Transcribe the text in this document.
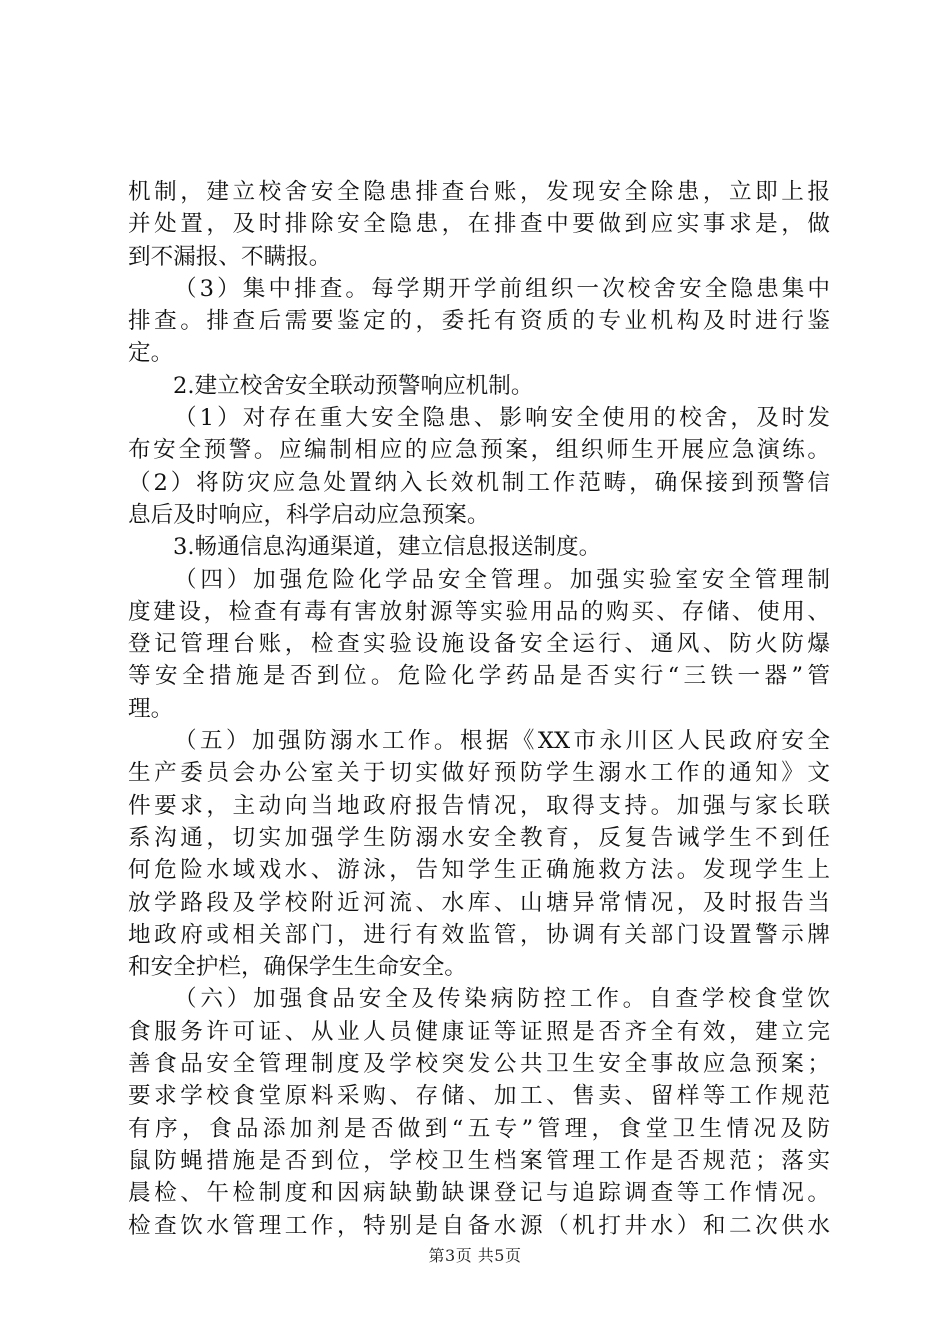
机制，建立校舍安全隐患排查台账，发现安全除患，立即上报
并处置，及时排除安全隐患，在排查中要做到应实事求是，做
到不漏报、不瞒报。
（3）集中排查。每学期开学前组织一次校舍安全隐患集中
排查。排查后需要鉴定的，委托有资质的专业机构及时进行鉴
定。
2.建立校舍安全联动预警响应机制。
（1）对存在重大安全隐患、影响安全使用的校舍，及时发
布安全预警。应编制相应的应急预案，组织师生开展应急演练。
（2）将防灾应急处置纳入长效机制工作范畴，确保接到预警信
息后及时响应，科学启动应急预案。
3.畅通信息沟通渠道，建立信息报送制度。
（四）加强危险化学品安全管理。加强实验室安全管理制
度建设，检查有毒有害放射源等实验用品的购买、存储、使用、
登记管理台账，检查实验设施设备安全运行、通风、防火防爆
等安全措施是否到位。危险化学药品是否实行“三铁一器”管
理。
（五）加强防溺水工作。根据《XX市永川区人民政府安全
生产委员会办公室关于切实做好预防学生溺水工作的通知》文
件要求，主动向当地政府报告情况，取得支持。加强与家长联
系沟通，切实加强学生防溺水安全教育，反复告诫学生不到任
何危险水域戏水、游泳，告知学生正确施救方法。发现学生上
放学路段及学校附近河流、水库、山塘异常情况，及时报告当
地政府或相关部门，进行有效监管，协调有关部门设置警示牌
和安全护栏，确保学生生命安全。
（六）加强食品安全及传染病防控工作。自查学校食堂饮
食服务许可证、从业人员健康证等证照是否齐全有效，建立完
善食品安全管理制度及学校突发公共卫生安全事故应急预案；
要求学校食堂原料采购、存储、加工、售卖、留样等工作规范
有序，食品添加剂是否做到“五专”管理，食堂卫生情况及防
鼠防蝇措施是否到位，学校卫生档案管理工作是否规范；落实
晨检、午检制度和因病缺勤缺课登记与追踪调查等工作情况。
检查饮水管理工作，特别是自备水源（机打井水）和二次供水
第3页 共5页
